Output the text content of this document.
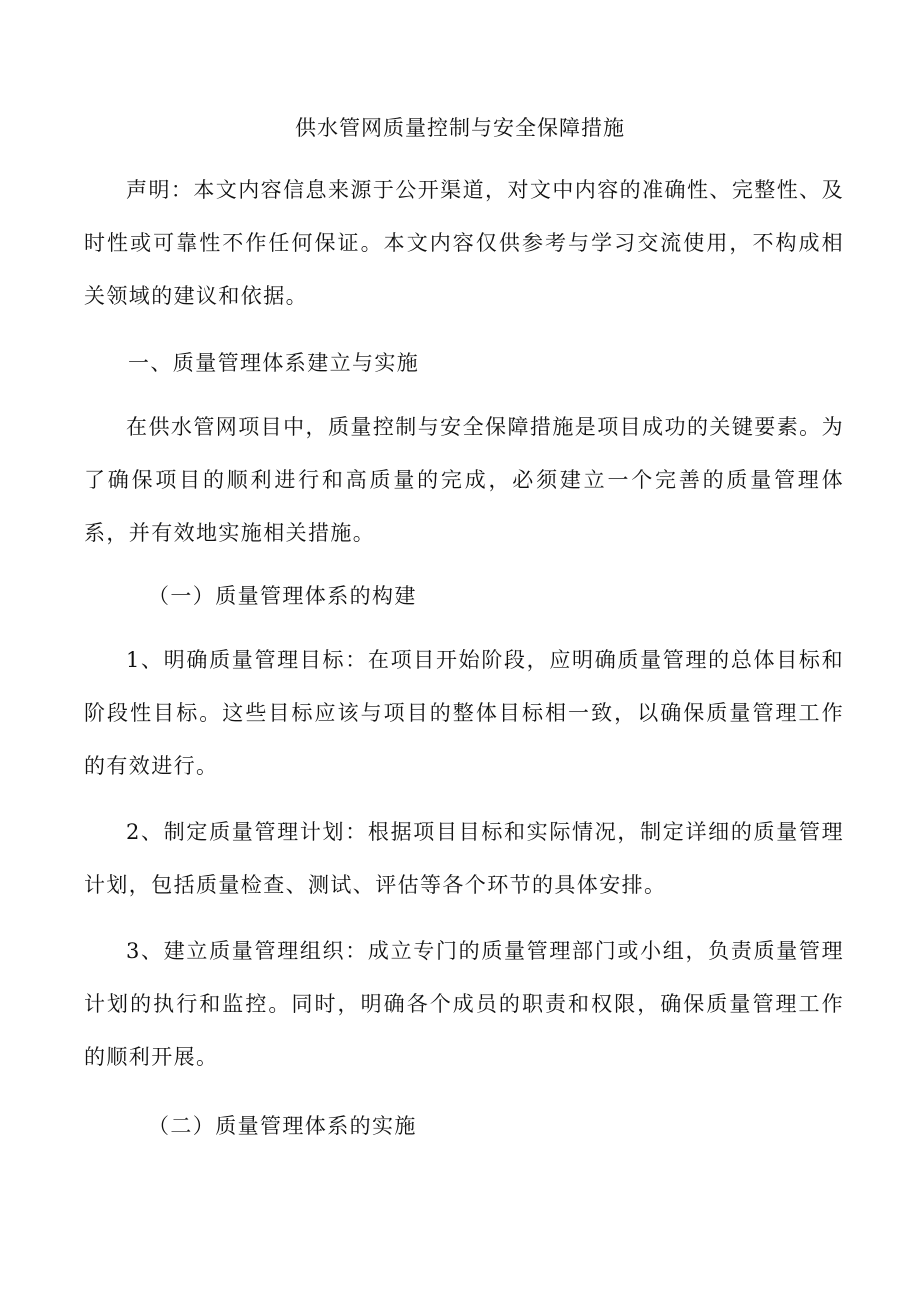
供水管网质量控制与安全保障措施

声明：本文内容信息来源于公开渠道，对文中内容的准确性、完整性、及时性或可靠性不作任何保证。本文内容仅供参考与学习交流使用，不构成相关领域的建议和依据。

一、质量管理体系建立与实施

在供水管网项目中，质量控制与安全保障措施是项目成功的关键要素。为了确保项目的顺利进行和高质量的完成，必须建立一个完善的质量管理体系，并有效地实施相关措施。

（一）质量管理体系的构建

1、明确质量管理目标：在项目开始阶段，应明确质量管理的总体目标和阶段性目标。这些目标应该与项目的整体目标相一致，以确保质量管理工作的有效进行。

2、制定质量管理计划：根据项目目标和实际情况，制定详细的质量管理计划，包括质量检查、测试、评估等各个环节的具体安排。

3、建立质量管理组织：成立专门的质量管理部门或小组，负责质量管理计划的执行和监控。同时，明确各个成员的职责和权限，确保质量管理工作的顺利开展。

（二）质量管理体系的实施
